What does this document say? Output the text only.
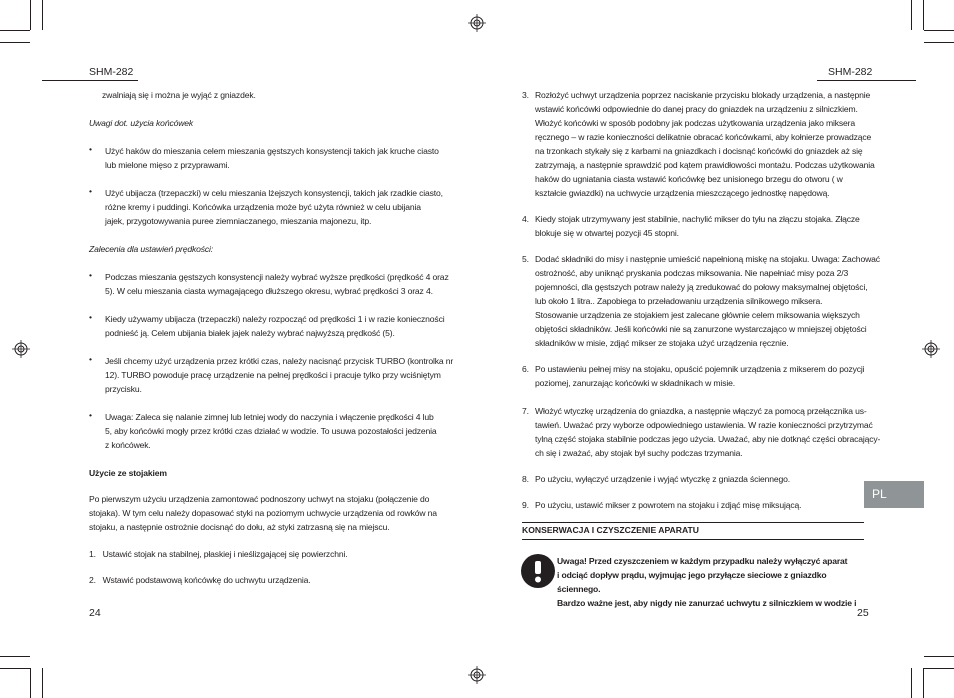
SHM-282
zwalniają się i można je wyjąć z gniazdek.
Uwagi dot. użycia końcówek
• Użyć haków do mieszania celem mieszania gęstszych konsystencji takich jak kruche ciasto
lub mielone mięso z przyprawami.
• Użyć ubijacza (trzepaczki) w celu mieszania lżejszych konsystencji, takich jak rzadkie ciasto,
różne kremy i puddingi. Końcówka urządzenia może być użyta również w celu ubijania
jajek, przygotowywania puree ziemniaczanego, mieszania majonezu, itp.
Zalecenia dla ustawień prędkości:
• Podczas mieszania gęstszych konsystencji należy wybrać wyższe prędkości (prędkość 4 oraz
5). W celu mieszania ciasta wymagającego dłuższego okresu, wybrać prędkości 3 oraz 4.
• Kiedy używamy ubijacza (trzepaczki) należy rozpocząć od prędkości 1 i w razie konieczności
podnieść ją. Celem ubijania białek jajek należy wybrać najwyższą prędkość (5).
• Jeśli chcemy użyć urządzenia przez krótki czas, należy nacisnąć przycisk TURBO (kontrolka nr
12). TURBO powoduje pracę urządzenie na pełnej prędkości i pracuje tylko przy wciśniętym
przycisku.
• Uwaga: Zaleca się nalanie zimnej lub letniej wody do naczynia i włączenie prędkości 4 lub
5, aby końcówki mogły przez krótki czas działać w wodzie. To usuwa pozostałości jedzenia
z końcówek.
Użycie ze stojakiem
Po pierwszym użyciu urządzenia zamontować podnoszony uchwyt na stojaku (połączenie do
stojaka). W tym celu należy dopasować styki na poziomym uchwycie urządzenia od rowków na
stojaku, a następnie ostrożnie docisnąć do dołu, aż styki zatrzasną się na miejscu.
1.   Ustawić stojak na stabilnej, płaskiej i nieślizgającej się powierzchni.
2.   Wstawić podstawową końcówkę do uchwytu urządzenia.
24
SHM-282
3. Rozłożyć uchwyt urządzenia poprzez naciskanie przycisku blokady urządzenia, a następnie
wstawić końcówki odpowiednie do danej pracy do gniazdek na urządzeniu z silniczkiem.
Włożyć końcówki w sposób podobny jak podczas użytkowania urządzenia jako miksera
ręcznego – w razie konieczności delikatnie obracać końcówkami, aby kołnierze prowadzące
na trzonkach stykały się z karbami na gniazdkach i docisnąć końcówki do gniazdek aż się
zatrzymają, a następnie sprawdzić pod kątem prawidłowości montażu. Podczas użytkowania
haków do ugniatania ciasta wstawić końcówkę bez unisionego brzegu do otworu ( w
kształcie gwiazdki) na uchwycie urządzenia mieszczącego jednostkę napędową.
4. Kiedy stojak utrzymywany jest stabilnie, nachylić mikser do tyłu na złączu stojaka. Złącze
blokuje się w otwartej pozycji 45 stopni.
5. Dodać składniki do misy i następnie umieścić napełnioną miskę na stojaku. Uwaga: Zachować
ostrożność, aby uniknąć pryskania podczas miksowania. Nie napełniać misy poza 2/3
pojemności, dla gęstszych potraw należy ją zredukować do połowy maksymalnej objętości,
lub około 1 litra.. Zapobiega to przeładowaniu urządzenia silnikowego miksera.
Stosowanie urządzenia ze stojakiem jest zalecane głównie celem miksowania większych
objętości składników. Jeśli końcówki nie są zanurzone wystarczająco w mniejszej objętości
składników w misie, zdjąć mikser ze stojaka użyć urządzenia ręcznie.
6. Po ustawieniu pełnej misy na stojaku, opuścić pojemnik urządzenia z mikserem do pozycji
poziomej, zanurzając końcówki w składnikach w misie.
7. Włożyć wtyczkę urządzenia do gniazdka, a następnie włączyć za pomocą przełącznika us-
tawień. Uważać przy wyborze odpowiedniego ustawienia. W razie konieczności przytrzymać
tylną część stojaka stabilnie podczas jego użycia. Uważać, aby nie dotknąć części obracający-
ch się i zważać, aby stojak był suchy podczas trzymania.
8. Po użyciu, wyłączyć urządzenie i wyjąć wtyczkę z gniazda ściennego.
9. Po użyciu, ustawić mikser z powrotem na stojaku i zdjąć misę miksującą.
KONSERWACJA I CZYSZCZENIE APARATU
Uwaga! Przed czyszczeniem w każdym przypadku należy wyłączyć aparat
i odciąć dopływ prądu, wyjmując jego przyłącze sieciowe z gniazdko
ściennego.
Bardzo ważne jest, aby nigdy nie zanurzać uchwytu z silniczkiem w wodzie i
PL
25
